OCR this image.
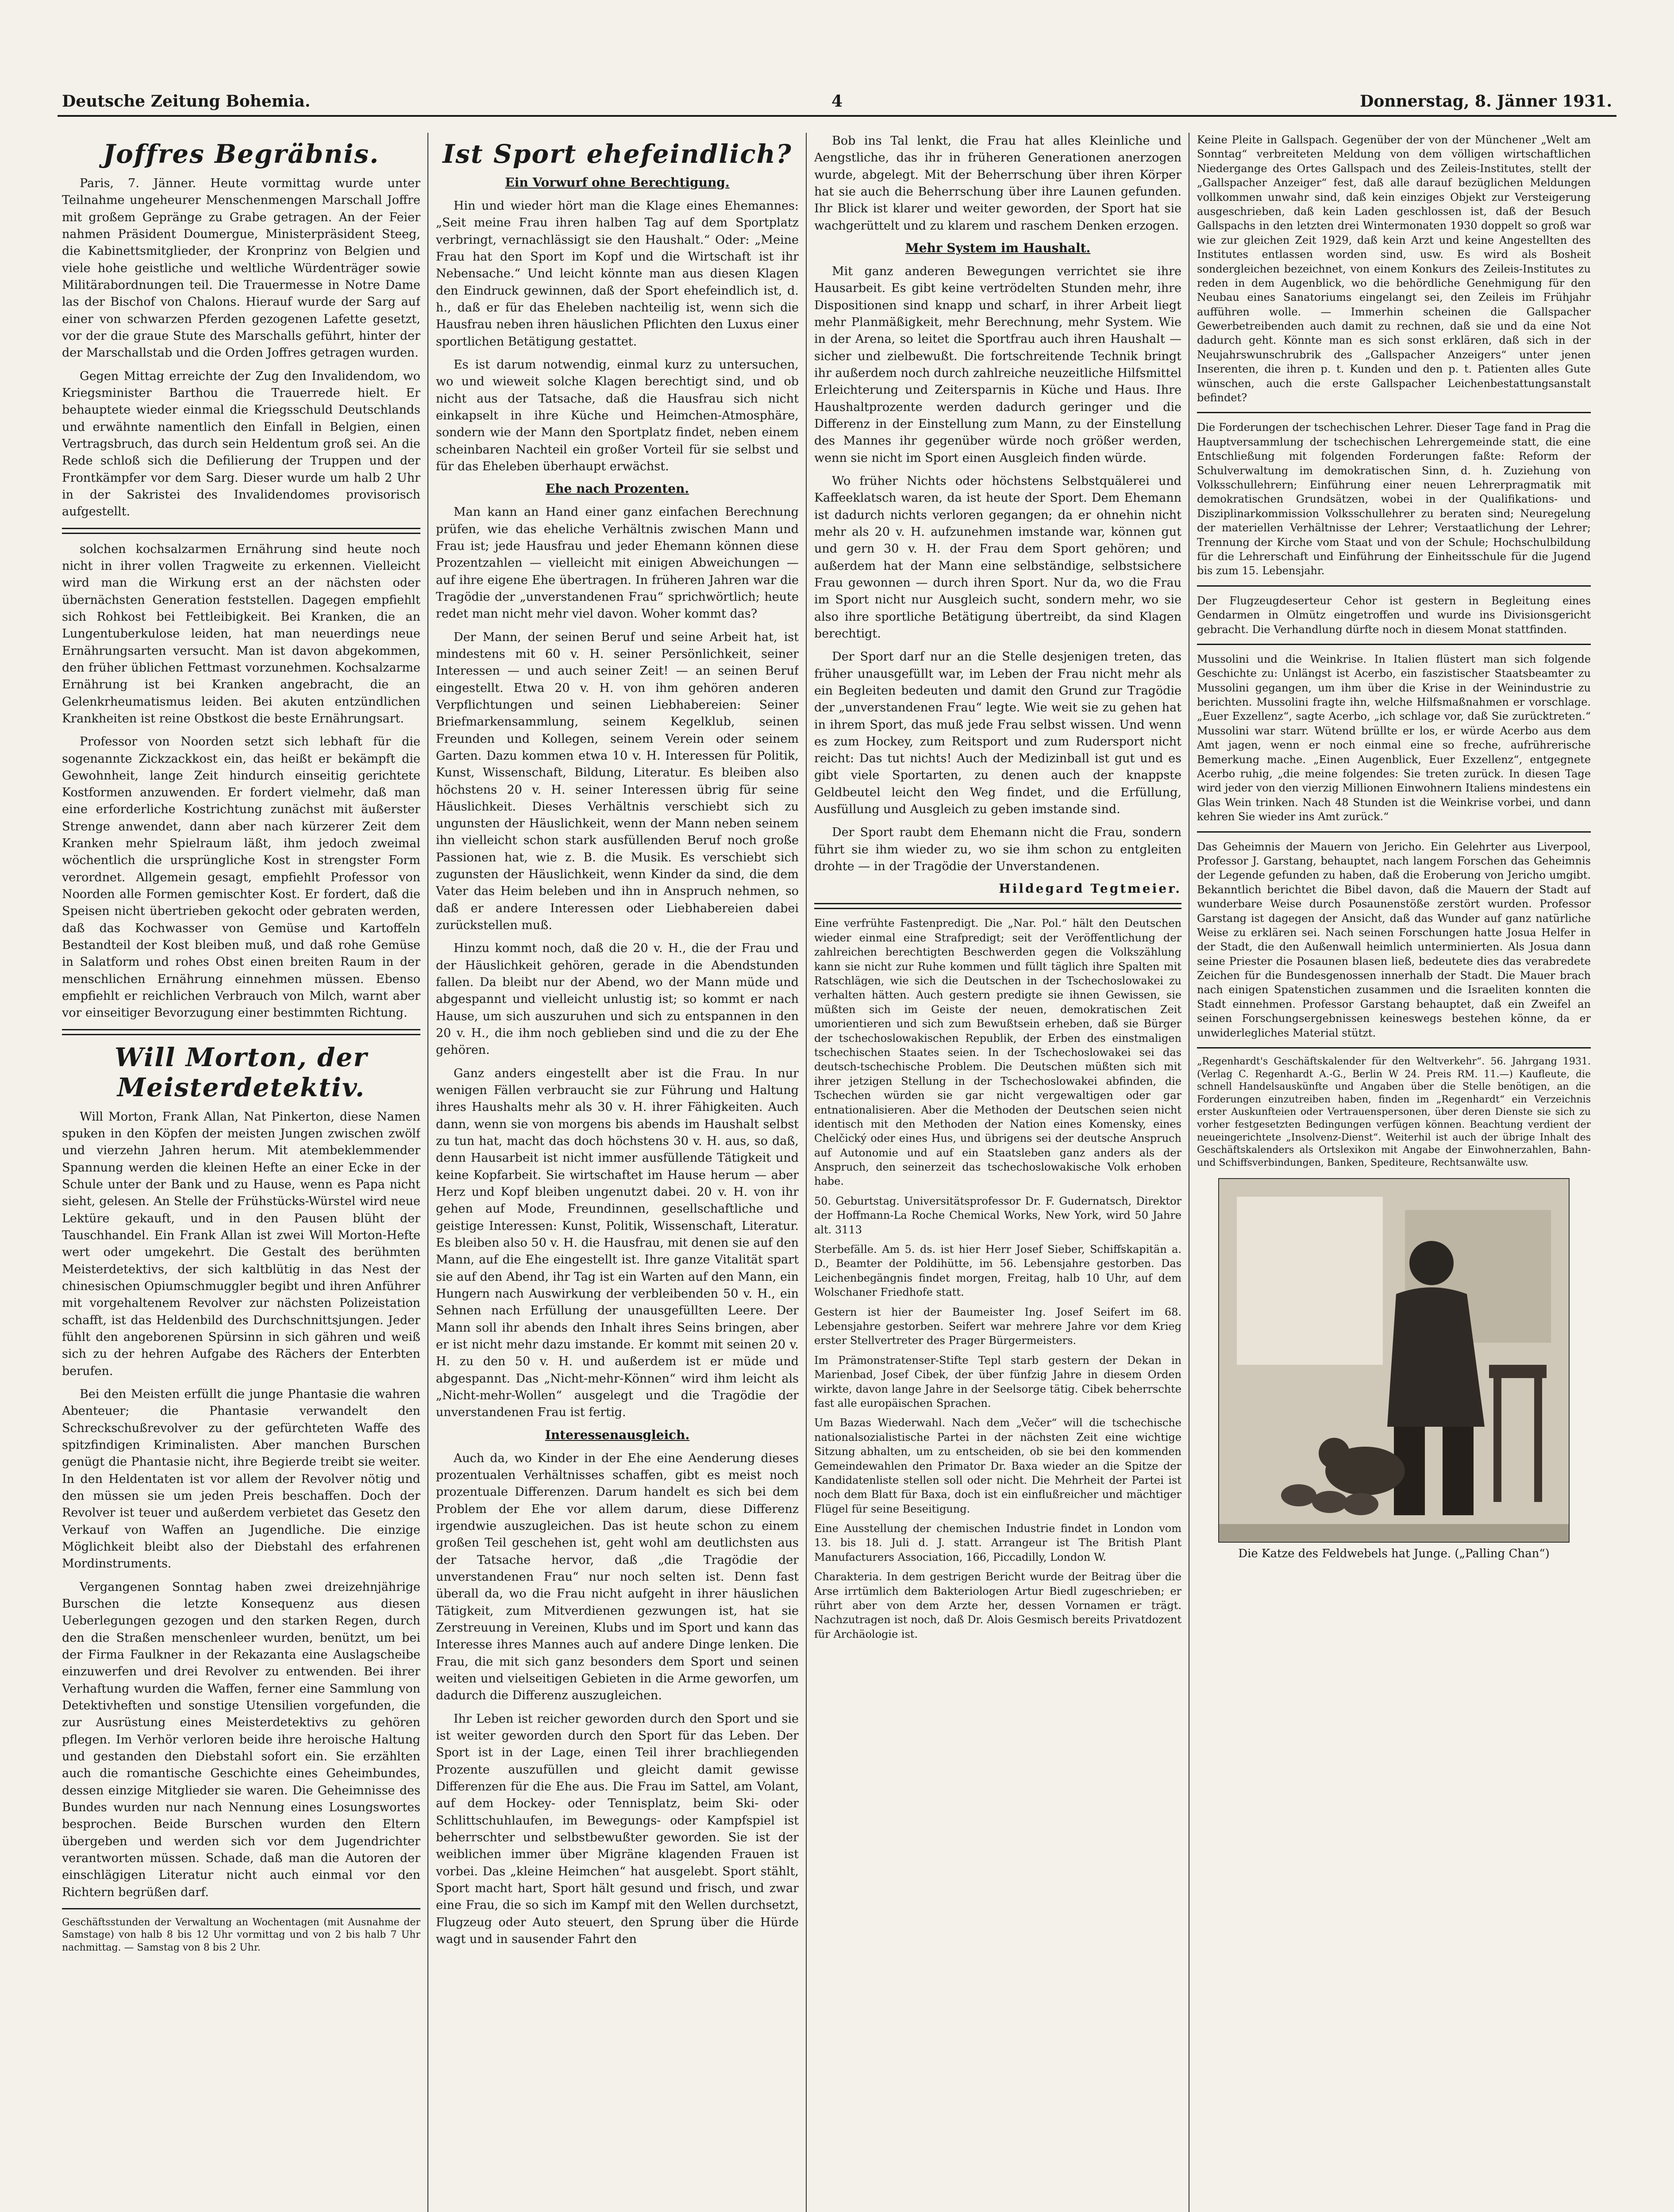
Deutsche Zeitung Bohemia.	4	Donnerstag, 8. Jänner 1931.
Joffres Begräbnis.

Paris, 7. Jänner. Heute vormittag wurde unter Teilnahme ungeheurer Menschenmengen Marschall Joffre mit großem Gepränge zu Grabe getragen. An der Feier nahmen Präsident Doumergue, Ministerpräsident Steeg, die Kabinettsmitglieder, der Kronprinz von Belgien und viele hohe geistliche und weltliche Würdenträger sowie Militärabordnungen teil. Die Trauermesse in Notre Dame las der Bischof von Chalons. Hierauf wurde der Sarg auf einer von schwarzen Pferden gezogenen Lafette gesetzt, vor der die graue Stute des Marschalls geführt, hinter der der Marschallstab und die Orden Joffres getragen wurden.

Gegen Mittag erreichte der Zug den Invalidendom, wo Kriegsminister Barthou die Trauerrede hielt. Er behauptete wieder einmal die Kriegsschuld Deutschlands und erwähnte namentlich den Einfall in Belgien, einen Vertragsbruch, das durch sein Heldentum groß sei. An die Rede schloß sich die Defilierung der Truppen und der Frontkämpfer vor dem Sarg. Dieser wurde um halb 2 Uhr in der Sakristei des Invalidendomes provisorisch aufgestellt.

solchen kochsalzarmen Ernährung sind heute noch nicht in ihrer vollen Tragweite zu erkennen. Vielleicht wird man die Wirkung erst an der nächsten oder übernächsten Generation feststellen. Dagegen empfiehlt sich Rohkost bei Fettleibigkeit. Bei Kranken, die an Lungentuberkulose leiden, hat man neuerdings neue Ernährungsarten versucht. Man ist davon abgekommen, den früher üblichen Fettmast vorzunehmen. Kochsalzarme Ernährung ist bei Kranken angebracht, die an Gelenkrheumatismus leiden. Bei akuten entzündlichen Krankheiten ist reine Obstkost die beste Ernährungsart.

Professor von Noorden setzt sich lebhaft für die sogenannte Zickzackkost ein, das heißt er bekämpft die Gewohnheit, lange Zeit hindurch einseitig gerichtete Kostformen anzuwenden. Er fordert vielmehr, daß man eine erforderliche Kostrichtung zunächst mit äußerster Strenge anwendet, dann aber nach kürzerer Zeit dem Kranken mehr Spielraum läßt, ihm jedoch zweimal wöchentlich die ursprüngliche Kost in strengster Form verordnet. Allgemein gesagt, empfiehlt Professor von Noorden alle Formen gemischter Kost. Er fordert, daß die Speisen nicht übertrieben gekocht oder gebraten werden, daß das Kochwasser von Gemüse und Kartoffeln Bestandteil der Kost bleiben muß, und daß rohe Gemüse in Salatform und rohes Obst einen breiten Raum in der menschlichen Ernährung einnehmen müssen. Ebenso empfiehlt er reichlichen Verbrauch von Milch, warnt aber vor einseitiger Bevorzugung einer bestimmten Richtung.

Will Morton, der Meisterdetektiv.

Will Morton, Frank Allan, Nat Pinkerton, diese Namen spuken in den Köpfen der meisten Jungen zwischen zwölf und vierzehn Jahren herum. Mit atembeklemmender Spannung werden die kleinen Hefte an einer Ecke in der Schule unter der Bank und zu Hause, wenn es Papa nicht sieht, gelesen. An Stelle der Frühstücks-Würstel wird neue Lektüre gekauft, und in den Pausen blüht der Tauschhandel. Ein Frank Allan ist zwei Will Morton-Hefte wert oder umgekehrt. Die Gestalt des berühmten Meisterdetektivs, der sich kaltblütig in das Nest der chinesischen Opiumschmuggler begibt und ihren Anführer mit vorgehaltenem Revolver zur nächsten Polizeistation schafft, ist das Heldenbild des Durchschnittsjungen. Jeder fühlt den angeborenen Spürsinn in sich gähren und weiß sich zu der hehren Aufgabe des Rächers der Enterbten berufen.

Bei den Meisten erfüllt die junge Phantasie die wahren Abenteuer; die Phantasie verwandelt den Schreckschußrevolver zu der gefürchteten Waffe des spitzfindigen Kriminalisten. Aber manchen Burschen genügt die Phantasie nicht, ihre Begierde treibt sie weiter. In den Heldentaten ist vor allem der Revolver nötig und den müssen sie um jeden Preis beschaffen. Doch der Revolver ist teuer und außerdem verbietet das Gesetz den Verkauf von Waffen an Jugendliche. Die einzige Möglichkeit bleibt also der Diebstahl des erfahrenen Mordinstruments.

Vergangenen Sonntag haben zwei dreizehnjährige Burschen die letzte Konsequenz aus diesen Ueberlegungen gezogen und den starken Regen, durch den die Straßen menschenleer wurden, benützt, um bei der Firma Faulkner in der Rekazanta eine Auslagscheibe einzuwerfen und drei Revolver zu entwenden. Bei ihrer Verhaftung wurden die Waffen, ferner eine Sammlung von Detektivheften und sonstige Utensilien vorgefunden, die zur Ausrüstung eines Meisterdetektivs zu gehören pflegen. Im Verhör verloren beide ihre heroische Haltung und gestanden den Diebstahl sofort ein. Sie erzählten auch die romantische Geschichte eines Geheimbundes, dessen einzige Mitglieder sie waren. Die Geheimnisse des Bundes wurden nur nach Nennung eines Losungswortes besprochen. Beide Burschen wurden den Eltern übergeben und werden sich vor dem Jugendrichter verantworten müssen. Schade, daß man die Autoren der einschlägigen Literatur nicht auch einmal vor den Richtern begrüßen darf.

Geschäftsstunden der Verwaltung an Wochentagen (mit Ausnahme der Samstage) von halb 8 bis 12 Uhr vormittag und von 2 bis halb 7 Uhr nachmittag. — Samstag von 8 bis 2 Uhr.

Ist Sport ehefeindlich?
Ein Vorwurf ohne Berechtigung.

Hin und wieder hört man die Klage eines Ehemannes: „Seit meine Frau ihren halben Tag auf dem Sportplatz verbringt, vernachlässigt sie den Haushalt.“ Oder: „Meine Frau hat den Sport im Kopf und die Wirtschaft ist ihr Nebensache.“ Und leicht könnte man aus diesen Klagen den Eindruck gewinnen, daß der Sport ehefeindlich ist, d. h., daß er für das Eheleben nachteilig ist, wenn sich die Hausfrau neben ihren häuslichen Pflichten den Luxus einer sportlichen Betätigung gestattet.

Es ist darum notwendig, einmal kurz zu untersuchen, wo und wieweit solche Klagen berechtigt sind, und ob nicht aus der Tatsache, daß die Hausfrau sich nicht einkapselt in ihre Küche und Heimchen-Atmosphäre, sondern wie der Mann den Sportplatz findet, neben einem scheinbaren Nachteil ein großer Vorteil für sie selbst und für das Eheleben überhaupt erwächst.

Ehe nach Prozenten.

Man kann an Hand einer ganz einfachen Berechnung prüfen, wie das eheliche Verhältnis zwischen Mann und Frau ist; jede Hausfrau und jeder Ehemann können diese Prozentzahlen — vielleicht mit einigen Abweichungen — auf ihre eigene Ehe übertragen. In früheren Jahren war die Tragödie der „unverstandenen Frau“ sprichwörtlich; heute redet man nicht mehr viel davon. Woher kommt das?

Der Mann, der seinen Beruf und seine Arbeit hat, ist mindestens mit 60 v. H. seiner Persönlichkeit, seiner Interessen — und auch seiner Zeit! — an seinen Beruf eingestellt. Etwa 20 v. H. von ihm gehören anderen Verpflichtungen und seinen Liebhabereien: Seiner Briefmarkensammlung, seinem Kegelklub, seinen Freunden und Kollegen, seinem Verein oder seinem Garten. Dazu kommen etwa 10 v. H. Interessen für Politik, Kunst, Wissenschaft, Bildung, Literatur. Es bleiben also höchstens 20 v. H. seiner Interessen übrig für seine Häuslichkeit. Dieses Verhältnis verschiebt sich zu ungunsten der Häuslichkeit, wenn der Mann neben seinem ihn vielleicht schon stark ausfüllenden Beruf noch große Passionen hat, wie z. B. die Musik. Es verschiebt sich zugunsten der Häuslichkeit, wenn Kinder da sind, die dem Vater das Heim beleben und ihn in Anspruch nehmen, so daß er andere Interessen oder Liebhabereien dabei zurückstellen muß.

Hinzu kommt noch, daß die 20 v. H., die der Frau und der Häuslichkeit gehören, gerade in die Abendstunden fallen. Da bleibt nur der Abend, wo der Mann müde und abgespannt und vielleicht unlustig ist; so kommt er nach Hause, um sich auszuruhen und sich zu entspannen in den 20 v. H., die ihm noch geblieben sind und die zu der Ehe gehören.

Ganz anders eingestellt aber ist die Frau. In nur wenigen Fällen verbraucht sie zur Führung und Haltung ihres Haushalts mehr als 30 v. H. ihrer Fähigkeiten. Auch dann, wenn sie von morgens bis abends im Haushalt selbst zu tun hat, macht das doch höchstens 30 v. H. aus, so daß, denn Hausarbeit ist nicht immer ausfüllende Tätigkeit und keine Kopfarbeit. Sie wirtschaftet im Hause herum — aber Herz und Kopf bleiben ungenutzt dabei. 20 v. H. von ihr gehen auf Mode, Freundinnen, gesellschaftliche und geistige Interessen: Kunst, Politik, Wissenschaft, Literatur. Es bleiben also 50 v. H. die Hausfrau, mit denen sie auf den Mann, auf die Ehe eingestellt ist. Ihre ganze Vitalität spart sie auf den Abend, ihr Tag ist ein Warten auf den Mann, ein Hungern nach Auswirkung der verbleibenden 50 v. H., ein Sehnen nach Erfüllung der unausgefüllten Leere. Der Mann soll ihr abends den Inhalt ihres Seins bringen, aber er ist nicht mehr dazu imstande. Er kommt mit seinen 20 v. H. zu den 50 v. H. und außerdem ist er müde und abgespannt. Das „Nicht-mehr-Können“ wird ihm leicht als „Nicht-mehr-Wollen“ ausgelegt und die Tragödie der unverstandenen Frau ist fertig.

Interessenausgleich.

Auch da, wo Kinder in der Ehe eine Aenderung dieses prozentualen Verhältnisses schaffen, gibt es meist noch prozentuale Differenzen. Darum handelt es sich bei dem Problem der Ehe vor allem darum, diese Differenz irgendwie auszugleichen. Das ist heute schon zu einem großen Teil geschehen ist, geht wohl am deutlichsten aus der Tatsache hervor, daß „die Tragödie der unverstandenen Frau“ nur noch selten ist. Denn fast überall da, wo die Frau nicht aufgeht in ihrer häuslichen Tätigkeit, zum Mitverdienen gezwungen ist, hat sie Zerstreuung in Vereinen, Klubs und im Sport und kann das Interesse ihres Mannes auch auf andere Dinge lenken. Die Frau, die mit sich ganz besonders dem Sport und seinen weiten und vielseitigen Gebieten in die Arme geworfen, um dadurch die Differenz auszugleichen.

Ihr Leben ist reicher geworden durch den Sport und sie ist weiter geworden durch den Sport für das Leben. Der Sport ist in der Lage, einen Teil ihrer brachliegenden Prozente auszufüllen und gleicht damit gewisse Differenzen für die Ehe aus. Die Frau im Sattel, am Volant, auf dem Hockey- oder Tennisplatz, beim Ski- oder Schlittschuhlaufen, im Bewegungs- oder Kampfspiel ist beherrschter und selbstbewußter geworden. Sie ist der weiblichen immer über Migräne klagenden Frauen ist vorbei. Das „kleine Heimchen“ hat ausgelebt. Sport stählt, Sport macht hart, Sport hält gesund und frisch, und zwar eine Frau, die so sich im Kampf mit den Wellen durchsetzt, Flugzeug oder Auto steuert, den Sprung über die Hürde wagt und in sausender Fahrt den

Bob ins Tal lenkt, die Frau hat alles Kleinliche und Aengstliche, das ihr in früheren Generationen anerzogen wurde, abgelegt. Mit der Beherrschung über ihren Körper hat sie auch die Beherrschung über ihre Launen gefunden. Ihr Blick ist klarer und weiter geworden, der Sport hat sie wachgerüttelt und zu klarem und raschem Denken erzogen.

Mehr System im Haushalt.

Mit ganz anderen Bewegungen verrichtet sie ihre Hausarbeit. Es gibt keine vertrödelten Stunden mehr, ihre Dispositionen sind knapp und scharf, in ihrer Arbeit liegt mehr Planmäßigkeit, mehr Berechnung, mehr System. Wie in der Arena, so leitet die Sportfrau auch ihren Haushalt — sicher und zielbewußt. Die fortschreitende Technik bringt ihr außerdem noch durch zahlreiche neuzeitliche Hilfsmittel Erleichterung und Zeitersparnis in Küche und Haus. Ihre Haushaltprozente werden dadurch geringer und die Differenz in der Einstellung zum Mann, zu der Einstellung des Mannes ihr gegenüber würde noch größer werden, wenn sie nicht im Sport einen Ausgleich finden würde.

Wo früher Nichts oder höchstens Selbstquälerei und Kaffeeklatsch waren, da ist heute der Sport. Dem Ehemann ist dadurch nichts verloren gegangen; da er ohnehin nicht mehr als 20 v. H. aufzunehmen imstande war, können gut und gern 30 v. H. der Frau dem Sport gehören; und außerdem hat der Mann eine selbständige, selbstsichere Frau gewonnen — durch ihren Sport. Nur da, wo die Frau im Sport nicht nur Ausgleich sucht, sondern mehr, wo sie also ihre sportliche Betätigung übertreibt, da sind Klagen berechtigt.

Der Sport darf nur an die Stelle desjenigen treten, das früher unausgefüllt war, im Leben der Frau nicht mehr als ein Begleiten bedeuten und damit den Grund zur Tragödie der „unverstandenen Frau“ legte. Wie weit sie zu gehen hat in ihrem Sport, das muß jede Frau selbst wissen. Und wenn es zum Hockey, zum Reitsport und zum Rudersport nicht reicht: Das tut nichts! Auch der Medizinball ist gut und es gibt viele Sportarten, zu denen auch der knappste Geldbeutel leicht den Weg findet, und die Erfüllung, Ausfüllung und Ausgleich zu geben imstande sind.

Der Sport raubt dem Ehemann nicht die Frau, sondern führt sie ihm wieder zu, wo sie ihm schon zu entgleiten drohte — in der Tragödie der Unverstandenen.

Hildegard Tegtmeier.

Eine verfrühte Fastenpredigt. Die „Nar. Pol.“ hält den Deutschen wieder einmal eine Strafpredigt; seit der Veröffentlichung der zahlreichen berechtigten Beschwerden gegen die Volkszählung kann sie nicht zur Ruhe kommen und füllt täglich ihre Spalten mit Ratschlägen, wie sich die Deutschen in der Tschechoslowakei zu verhalten hätten. Auch gestern predigte sie ihnen Gewissen, sie müßten sich im Geiste der neuen, demokratischen Zeit umorientieren und sich zum Bewußtsein erheben, daß sie Bürger der tschechoslowakischen Republik, der Erben des einstmaligen tschechischen Staates seien. In der Tschechoslowakei sei das deutsch-tschechische Problem. Die Deutschen müßten sich mit ihrer jetzigen Stellung in der Tschechoslowakei abfinden, die Tschechen würden sie gar nicht vergewaltigen oder gar entnationalisieren. Aber die Methoden der Deutschen seien nicht identisch mit den Methoden der Nation eines Komensky, eines Chelčický oder eines Hus, und übrigens sei der deutsche Anspruch auf Autonomie und auf ein Staatsleben ganz anders als der Anspruch, den seinerzeit das tschechoslowakische Volk erhoben habe.

50. Geburtstag. Universitätsprofessor Dr. F. Gudernatsch, Direktor der Hoffmann-La Roche Chemical Works, New York, wird 50 Jahre alt. 3113

Sterbefälle. Am 5. ds. ist hier Herr Josef Sieber, Schiffskapitän a. D., Beamter der Poldihütte, im 56. Lebensjahre gestorben. Das Leichenbegängnis findet morgen, Freitag, halb 10 Uhr, auf dem Wolschaner Friedhofe statt.

Gestern ist hier der Baumeister Ing. Josef Seifert im 68. Lebensjahre gestorben. Seifert war mehrere Jahre vor dem Krieg erster Stellvertreter des Prager Bürgermeisters.

Im Prämonstratenser-Stifte Tepl starb gestern der Dekan in Marienbad, Josef Cibek, der über fünfzig Jahre in diesem Orden wirkte, davon lange Jahre in der Seelsorge tätig. Cibek beherrschte fast alle europäischen Sprachen.

Um Bazas Wiederwahl. Nach dem „Večer“ will die tschechische nationalsozialistische Partei in der nächsten Zeit eine wichtige Sitzung abhalten, um zu entscheiden, ob sie bei den kommenden Gemeindewahlen den Primator Dr. Baxa wieder an die Spitze der Kandidatenliste stellen soll oder nicht. Die Mehrheit der Partei ist noch dem Blatt für Baxa, doch ist ein einflußreicher und mächtiger Flügel für seine Beseitigung.

Eine Ausstellung der chemischen Industrie findet in London vom 13. bis 18. Juli d. J. statt. Arrangeur ist The British Plant Manufacturers Association, 166, Piccadilly, London W.

Charakteria. In dem gestrigen Bericht wurde der Beitrag über die Arse irrtümlich dem Bakteriologen Artur Biedl zugeschrieben; er rührt aber von dem Arzte her, dessen Vornamen er trägt. Nachzutragen ist noch, daß Dr. Alois Gesmisch bereits Privatdozent für Archäologie ist.

Keine Pleite in Gallspach. Gegenüber der von der Münchener „Welt am Sonntag“ verbreiteten Meldung von dem völligen wirtschaftlichen Niedergange des Ortes Gallspach und des Zeileis-Institutes, stellt der „Gallspacher Anzeiger“ fest, daß alle darauf bezüglichen Meldungen vollkommen unwahr sind, daß kein einziges Objekt zur Versteigerung ausgeschrieben, daß kein Laden geschlossen ist, daß der Besuch Gallspachs in den letzten drei Wintermonaten 1930 doppelt so groß war wie zur gleichen Zeit 1929, daß kein Arzt und keine Angestellten des Institutes entlassen worden sind, usw. Es wird als Bosheit sondergleichen bezeichnet, von einem Konkurs des Zeileis-Institutes zu reden in dem Augenblick, wo die behördliche Genehmigung für den Neubau eines Sanatoriums eingelangt sei, den Zeileis im Frühjahr aufführen wolle. — Immerhin scheinen die Gallspacher Gewerbetreibenden auch damit zu rechnen, daß sie und da eine Not dadurch geht. Könnte man es sich sonst erklären, daß sich in der Neujahrswunschrubrik des „Gallspacher Anzeigers“ unter jenen Inserenten, die ihren p. t. Kunden und den p. t. Patienten alles Gute wünschen, auch die erste Gallspacher Leichenbestattungsanstalt befindet?

Die Forderungen der tschechischen Lehrer. Dieser Tage fand in Prag die Hauptversammlung der tschechischen Lehrergemeinde statt, die eine Entschließung mit folgenden Forderungen faßte: Reform der Schulverwaltung im demokratischen Sinn, d. h. Zuziehung von Volksschullehrern; Einführung einer neuen Lehrerpragmatik mit demokratischen Grundsätzen, wobei in der Qualifikations- und Disziplinarkommission Volksschullehrer zu beraten sind; Neuregelung der materiellen Verhältnisse der Lehrer; Verstaatlichung der Lehrer; Trennung der Kirche vom Staat und von der Schule; Hochschulbildung für die Lehrerschaft und Einführung der Einheitsschule für die Jugend bis zum 15. Lebensjahr.

Der Flugzeugdeserteur Cehor ist gestern in Begleitung eines Gendarmen in Olmütz eingetroffen und wurde ins Divisionsgericht gebracht. Die Verhandlung dürfte noch in diesem Monat stattfinden.

Mussolini und die Weinkrise. In Italien flüstert man sich folgende Geschichte zu: Unlängst ist Acerbo, ein faszistischer Staatsbeamter zu Mussolini gegangen, um ihm über die Krise in der Weinindustrie zu berichten. Mussolini fragte ihn, welche Hilfsmaßnahmen er vorschlage. „Euer Exzellenz“, sagte Acerbo, „ich schlage vor, daß Sie zurücktreten.“ Mussolini war starr. Wütend brüllte er los, er würde Acerbo aus dem Amt jagen, wenn er noch einmal eine so freche, aufrührerische Bemerkung mache. „Einen Augenblick, Euer Exzellenz“, entgegnete Acerbo ruhig, „die meine folgendes: Sie treten zurück. In diesen Tage wird jeder von den vierzig Millionen Einwohnern Italiens mindestens ein Glas Wein trinken. Nach 48 Stunden ist die Weinkrise vorbei, und dann kehren Sie wieder ins Amt zurück.“

Das Geheimnis der Mauern von Jericho. Ein Gelehrter aus Liverpool, Professor J. Garstang, behauptet, nach langem Forschen das Geheimnis der Legende gefunden zu haben, daß die Eroberung von Jericho umgibt. Bekanntlich berichtet die Bibel davon, daß die Mauern der Stadt auf wunderbare Weise durch Posaunenstöße zerstört wurden. Professor Garstang ist dagegen der Ansicht, daß das Wunder auf ganz natürliche Weise zu erklären sei. Nach seinen Forschungen hatte Josua Helfer in der Stadt, die den Außenwall heimlich unterminierten. Als Josua dann seine Priester die Posaunen blasen ließ, bedeutete dies das verabredete Zeichen für die Bundesgenossen innerhalb der Stadt. Die Mauer brach nach einigen Spatenstichen zusammen und die Israeliten konnten die Stadt einnehmen. Professor Garstang behauptet, daß ein Zweifel an seinen Forschungsergebnissen keineswegs bestehen könne, da er unwiderlegliches Material stützt.

„Regenhardt's Geschäftskalender für den Weltverkehr“. 56. Jahrgang 1931. (Verlag C. Regenhardt A.-G., Berlin W 24. Preis RM. 11.—) Kaufleute, die schnell Handelsauskünfte und Angaben über die Stelle benötigen, an die Forderungen einzutreiben haben, finden im „Regenhardt“ ein Verzeichnis erster Auskunfteien oder Vertrauenspersonen, über deren Dienste sie sich zu vorher festgesetzten Bedingungen verfügen können. Beachtung verdient der neueingerichtete „Insolvenz-Dienst“. Weiterhil ist auch der übrige Inhalt des Geschäftskalenders als Ortslexikon mit Angabe der Einwohnerzahlen, Bahn- und Schiffsverbindungen, Banken, Spediteure, Rechtsanwälte usw.

Die Katze des Feldwebels hat Junge. („Palling Chan“)
